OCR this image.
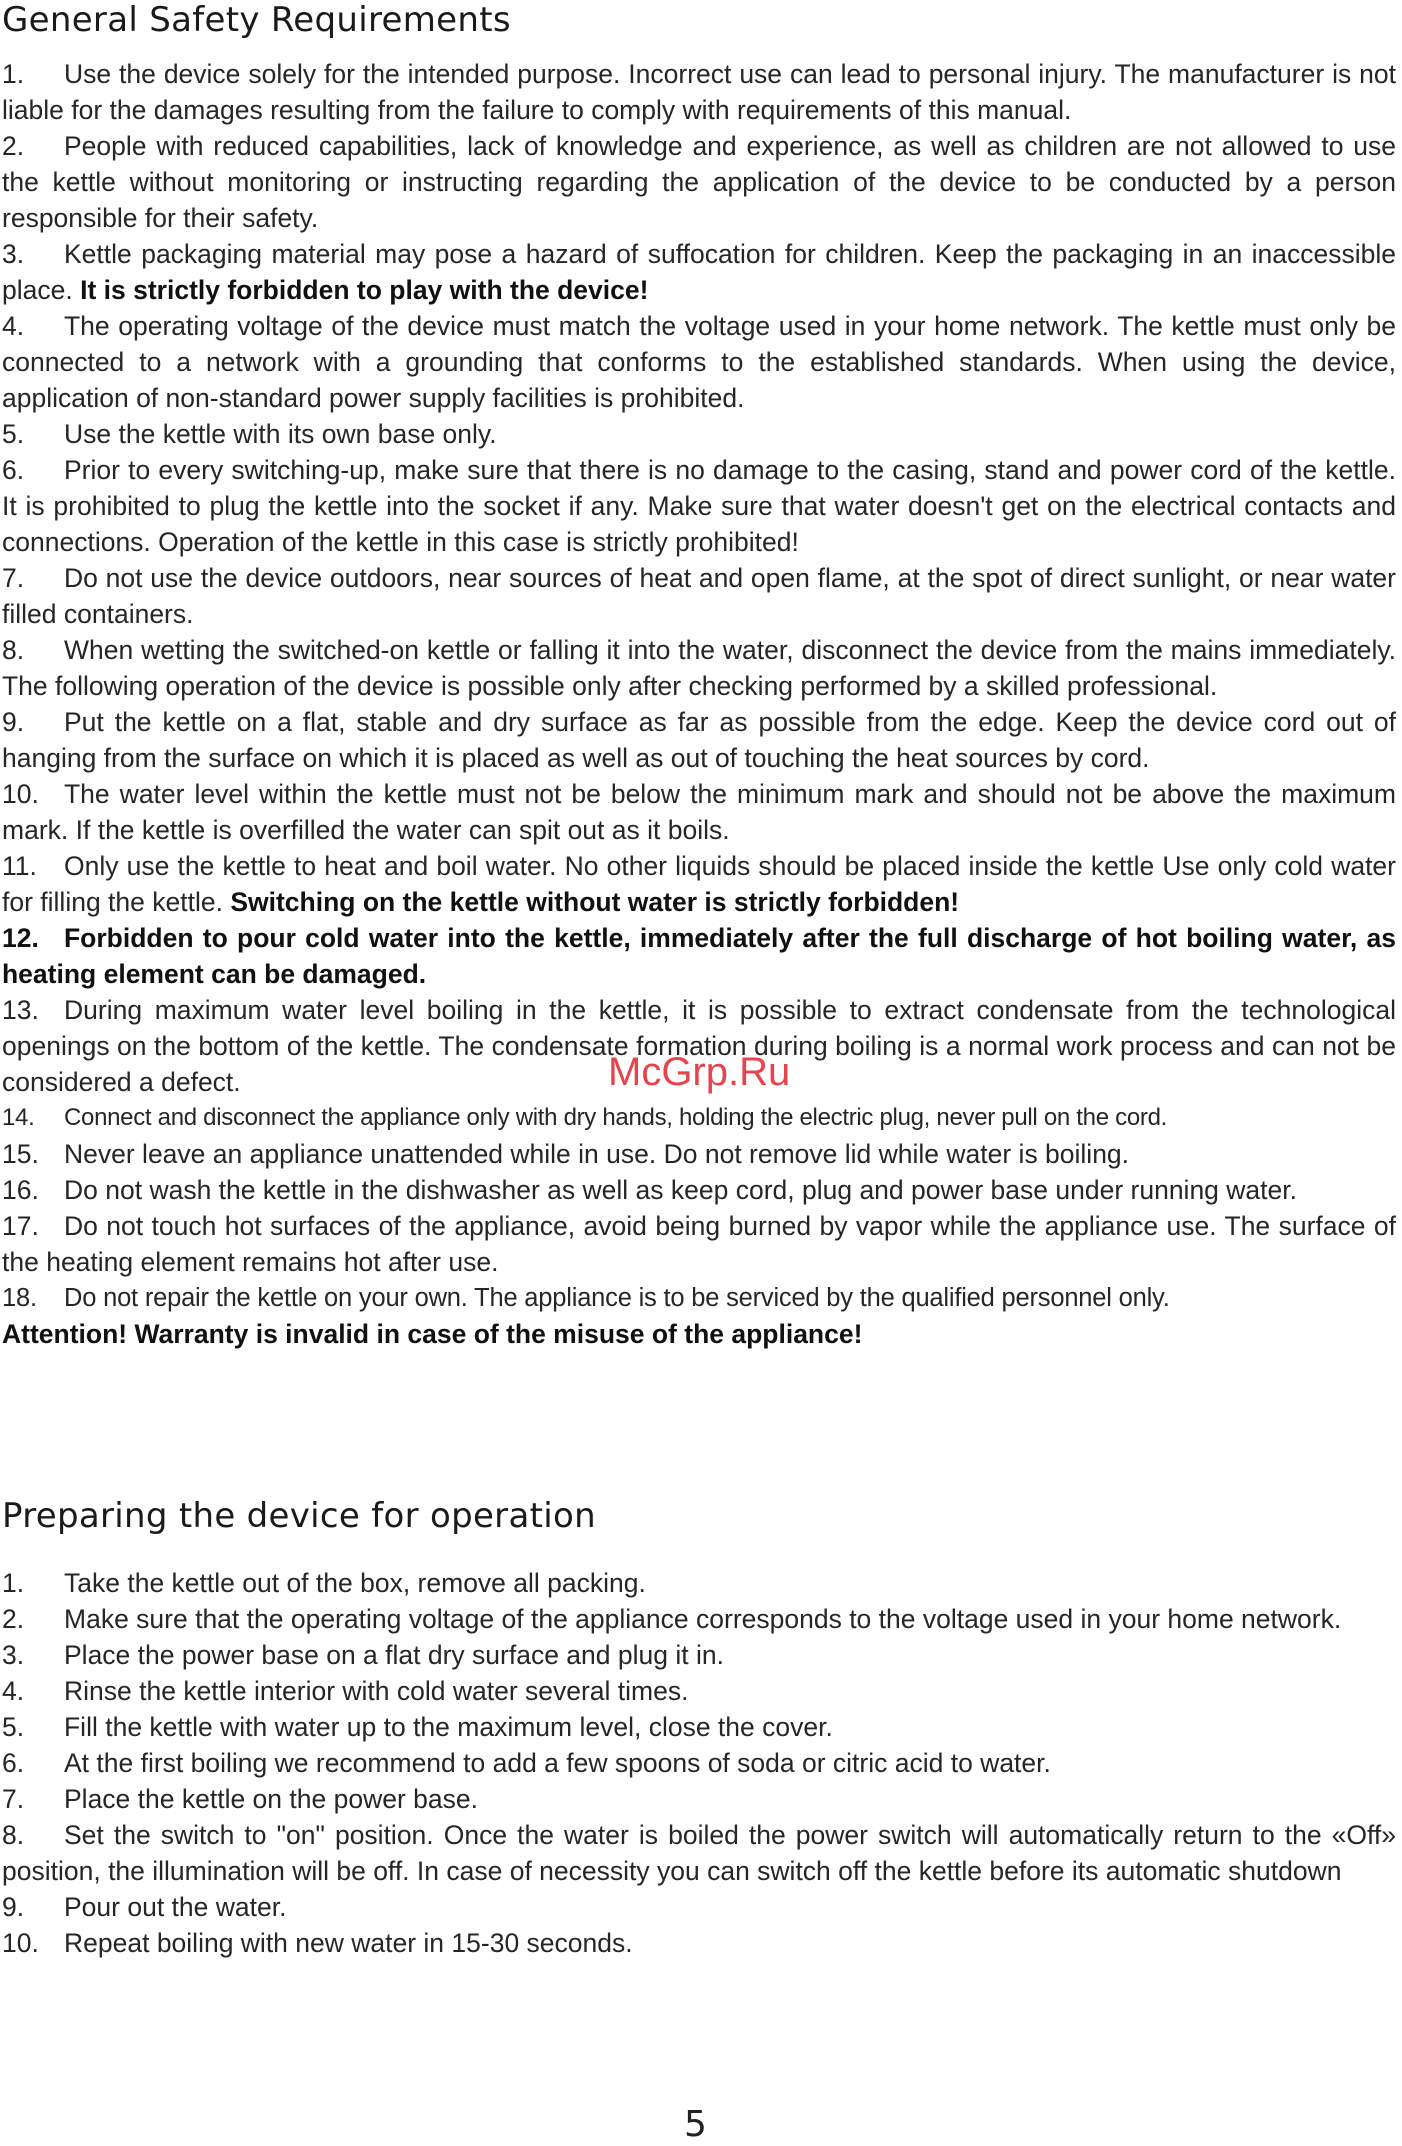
General Safety Requirements

1. Use the device solely for the intended purpose. Incorrect use can lead to personal injury. The manufacturer is not liable for the damages resulting from the failure to comply with requirements of this manual.

2. People with reduced capabilities, lack of knowledge and experience, as well as children are not allowed to use the kettle without monitoring or instructing regarding the application of the device to be conducted by a person responsible for their safety.

3. Kettle packaging material may pose a hazard of suffocation for children. Keep the packaging in an inaccessible place. It is strictly forbidden to play with the device!

4. The operating voltage of the device must match the voltage used in your home network. The kettle must only be connected to a network with a grounding that conforms to the established standards. When using the device, application of non-standard power supply facilities is prohibited.

5. Use the kettle with its own base only.

6. Prior to every switching-up, make sure that there is no damage to the casing, stand and power cord of the kettle. It is prohibited to plug the kettle into the socket if any. Make sure that water doesn't get on the electrical contacts and connections. Operation of the kettle in this case is strictly prohibited!

7. Do not use the device outdoors, near sources of heat and open flame, at the spot of direct sunlight, or near water filled containers.

8. When wetting the switched-on kettle or falling it into the water, disconnect the device from the mains immediately. The following operation of the device is possible only after checking performed by a skilled professional.

9. Put the kettle on a flat, stable and dry surface as far as possible from the edge. Keep the device cord out of hanging from the surface on which it is placed as well as out of touching the heat sources by cord.

10. The water level within the kettle must not be below the minimum mark and should not be above the maximum mark. If the kettle is overfilled the water can spit out as it boils.

11. Only use the kettle to heat and boil water. No other liquids should be placed inside the kettle Use only cold water for filling the kettle. Switching on the kettle without water is strictly forbidden!

12. Forbidden to pour cold water into the kettle, immediately after the full discharge of hot boiling water, as heating element can be damaged.

13. During maximum water level boiling in the kettle, it is possible to extract condensate from the technological openings on the bottom of the kettle. The condensate formation during boiling is a normal work process and can not be considered a defect.

14. Connect and disconnect the appliance only with dry hands, holding the electric plug, never pull on the cord.

15. Never leave an appliance unattended while in use. Do not remove lid while water is boiling.

16. Do not wash the kettle in the dishwasher as well as keep cord, plug and power base under running water.

17. Do not touch hot surfaces of the appliance, avoid being burned by vapor while the appliance use. The surface of the heating element remains hot after use.

18. Do not repair the kettle on your own. The appliance is to be serviced by the qualified personnel only.

Attention! Warranty is invalid in case of the misuse of the appliance!

Preparing the device for operation

1. Take the kettle out of the box, remove all packing.

2. Make sure that the operating voltage of the appliance corresponds to the voltage used in your home network.

3. Place the power base on a flat dry surface and plug it in.

4. Rinse the kettle interior with cold water several times.

5. Fill the kettle with water up to the maximum level, close the cover.

6. At the first boiling we recommend to add a few spoons of soda or citric acid to water.

7. Place the kettle on the power base.

8. Set the switch to "on" position. Once the water is boiled the power switch will automatically return to the «Off» position, the illumination will be off. In case of necessity you can switch off the kettle before its automatic shutdown

9. Pour out the water.

10. Repeat boiling with new water in 15-30 seconds.

McGrp.Ru
5
